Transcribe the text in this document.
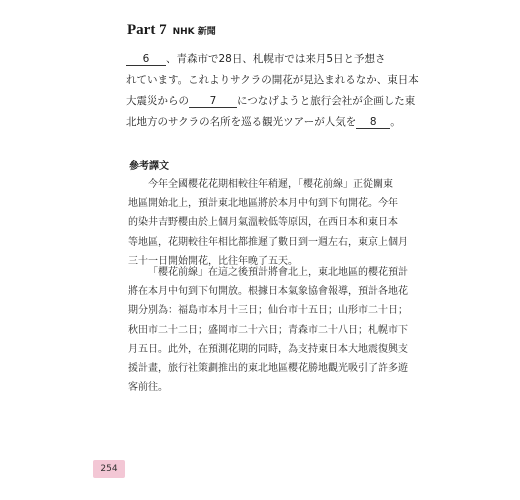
Part 7 NHK 新聞
6 、青森市で28日、札幌市では来月5日と予想さ
れています。これよりサクラの開花が見込まれるなか、東日本
大震災からの 7 につなげようと旅行会社が企画した東
北地方のサクラの名所を巡る観光ツアーが人気を 8 。
參考譯文
今年全國櫻花花期相較往年稍遲，「櫻花前線」正從關東
地區開始北上，預計東北地區將於本月中旬到下旬開花。今年
的染井吉野櫻由於上個月氣溫較低等原因，在西日本和東日本
等地區，花期較往年相比都推遲了數日到一週左右，東京上個月
三十一日開始開花，比往年晚了五天。
「櫻花前線」在這之後預計將會北上，東北地區的櫻花預計
將在本月中旬到下旬開放。根據日本氣象協會報導，預計各地花
期分別為：福島市本月十三日；仙台市十五日；山形市二十日；
秋田市二十二日；盛岡市二十六日；青森市二十八日；札幌市下
月五日。此外，在預測花期的同時，為支持東日本大地震復興支
援計畫，旅行社策劃推出的東北地區櫻花勝地觀光吸引了許多遊
客前往。
254
